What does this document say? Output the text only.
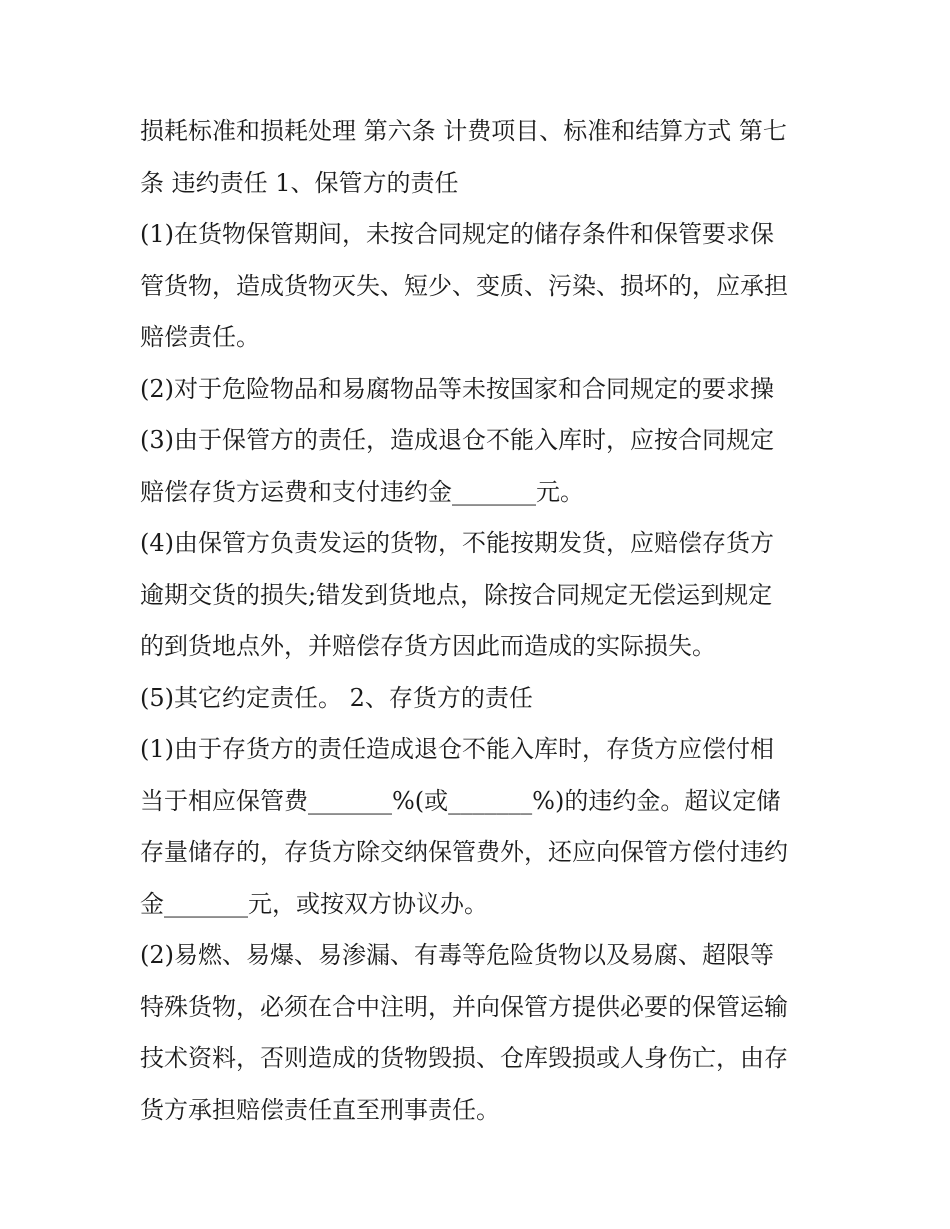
损耗标准和损耗处理 第六条 计费项目、标准和结算方式 第七

条 违约责任 1、保管方的责任

(1)在货物保管期间，未按合同规定的储存条件和保管要求保

管货物，造成货物灭失、短少、变质、污染、损坏的，应承担

赔偿责任。

(2)对于危险物品和易腐物品等未按国家和合同规定的要求操

(3)由于保管方的责任，造成退仓不能入库时，应按合同规定

赔偿存货方运费和支付违约金_______元。

(4)由保管方负责发运的货物，不能按期发货，应赔偿存货方

逾期交货的损失;错发到货地点，除按合同规定无偿运到规定

的到货地点外，并赔偿存货方因此而造成的实际损失。

(5)其它约定责任。 2、存货方的责任

(1)由于存货方的责任造成退仓不能入库时，存货方应偿付相

当于相应保管费_______%(或_______%)的违约金。超议定储

存量储存的，存货方除交纳保管费外，还应向保管方偿付违约

金_______元，或按双方协议办。

(2)易燃、易爆、易渗漏、有毒等危险货物以及易腐、超限等

特殊货物，必须在合中注明，并向保管方提供必要的保管运输

技术资料，否则造成的货物毁损、仓库毁损或人身伤亡，由存

货方承担赔偿责任直至刑事责任。
